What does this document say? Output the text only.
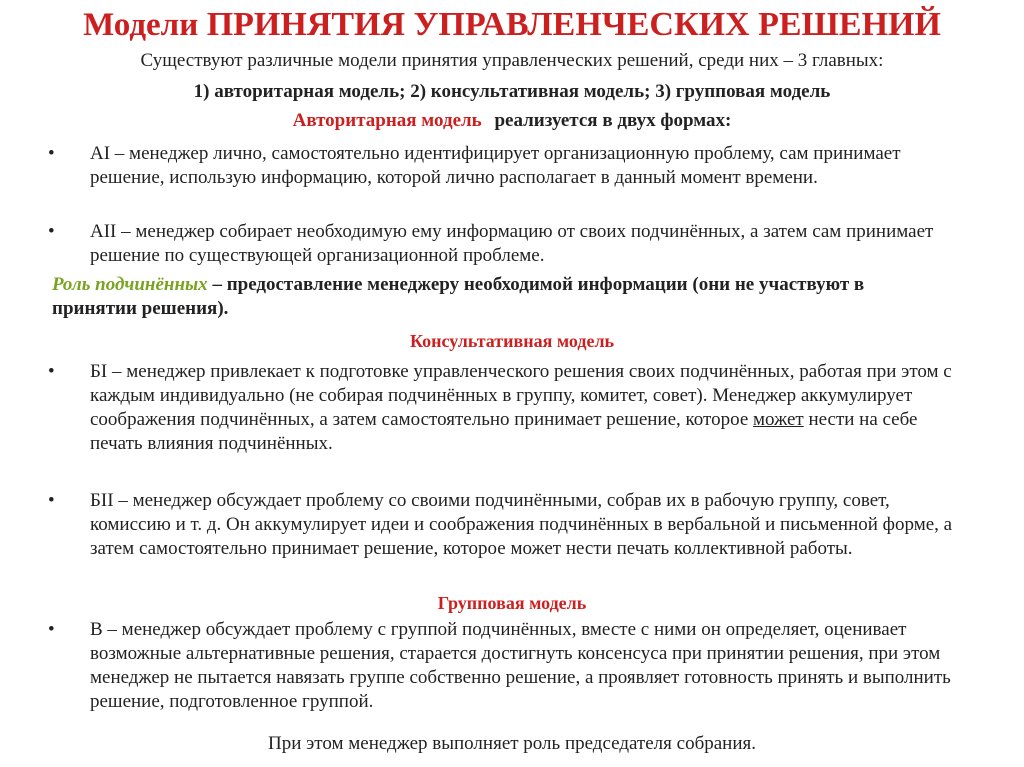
Модели ПРИНЯТИЯ УПРАВЛЕНЧЕСКИХ РЕШЕНИЙ
Существуют различные модели принятия управленческих решений, среди них – 3 главных:
1) авторитарная модель; 2) консультативная модель; 3) групповая модель
Авторитарная модель реализуется в двух формах:
• AI – менеджер лично, самостоятельно идентифицирует организационную проблему, сам принимает решение, использую информацию, которой лично располагает в данный момент времени.
• AII – менеджер собирает необходимую ему информацию от своих подчинённых, а затем сам принимает решение по существующей организационной проблеме.
Роль подчинённых – предоставление менеджеру необходимой информации (они не участвуют в принятии решения).
Консультативная модель
• БI – менеджер привлекает к подготовке управленческого решения своих подчинённых, работая при этом с каждым индивидуально (не собирая подчинённых в группу, комитет, совет). Менеджер аккумулирует соображения подчинённых, а затем самостоятельно принимает решение, которое может нести на себе печать влияния подчинённых.
• БII – менеджер обсуждает проблему со своими подчинёнными, собрав их в рабочую группу, совет, комиссию и т. д. Он аккумулирует идеи и соображения подчинённых в вербальной и письменной форме, а затем самостоятельно принимает решение, которое может нести печать коллективной работы.
Групповая модель
• В – менеджер обсуждает проблему с группой подчинённых, вместе с ними он определяет, оценивает возможные альтернативные решения, старается достигнуть консенсуса при принятии решения, при этом менеджер не пытается навязать группе собственно решение, а проявляет готовность принять и выполнить решение, подготовленное группой.
При этом менеджер выполняет роль председателя собрания.
